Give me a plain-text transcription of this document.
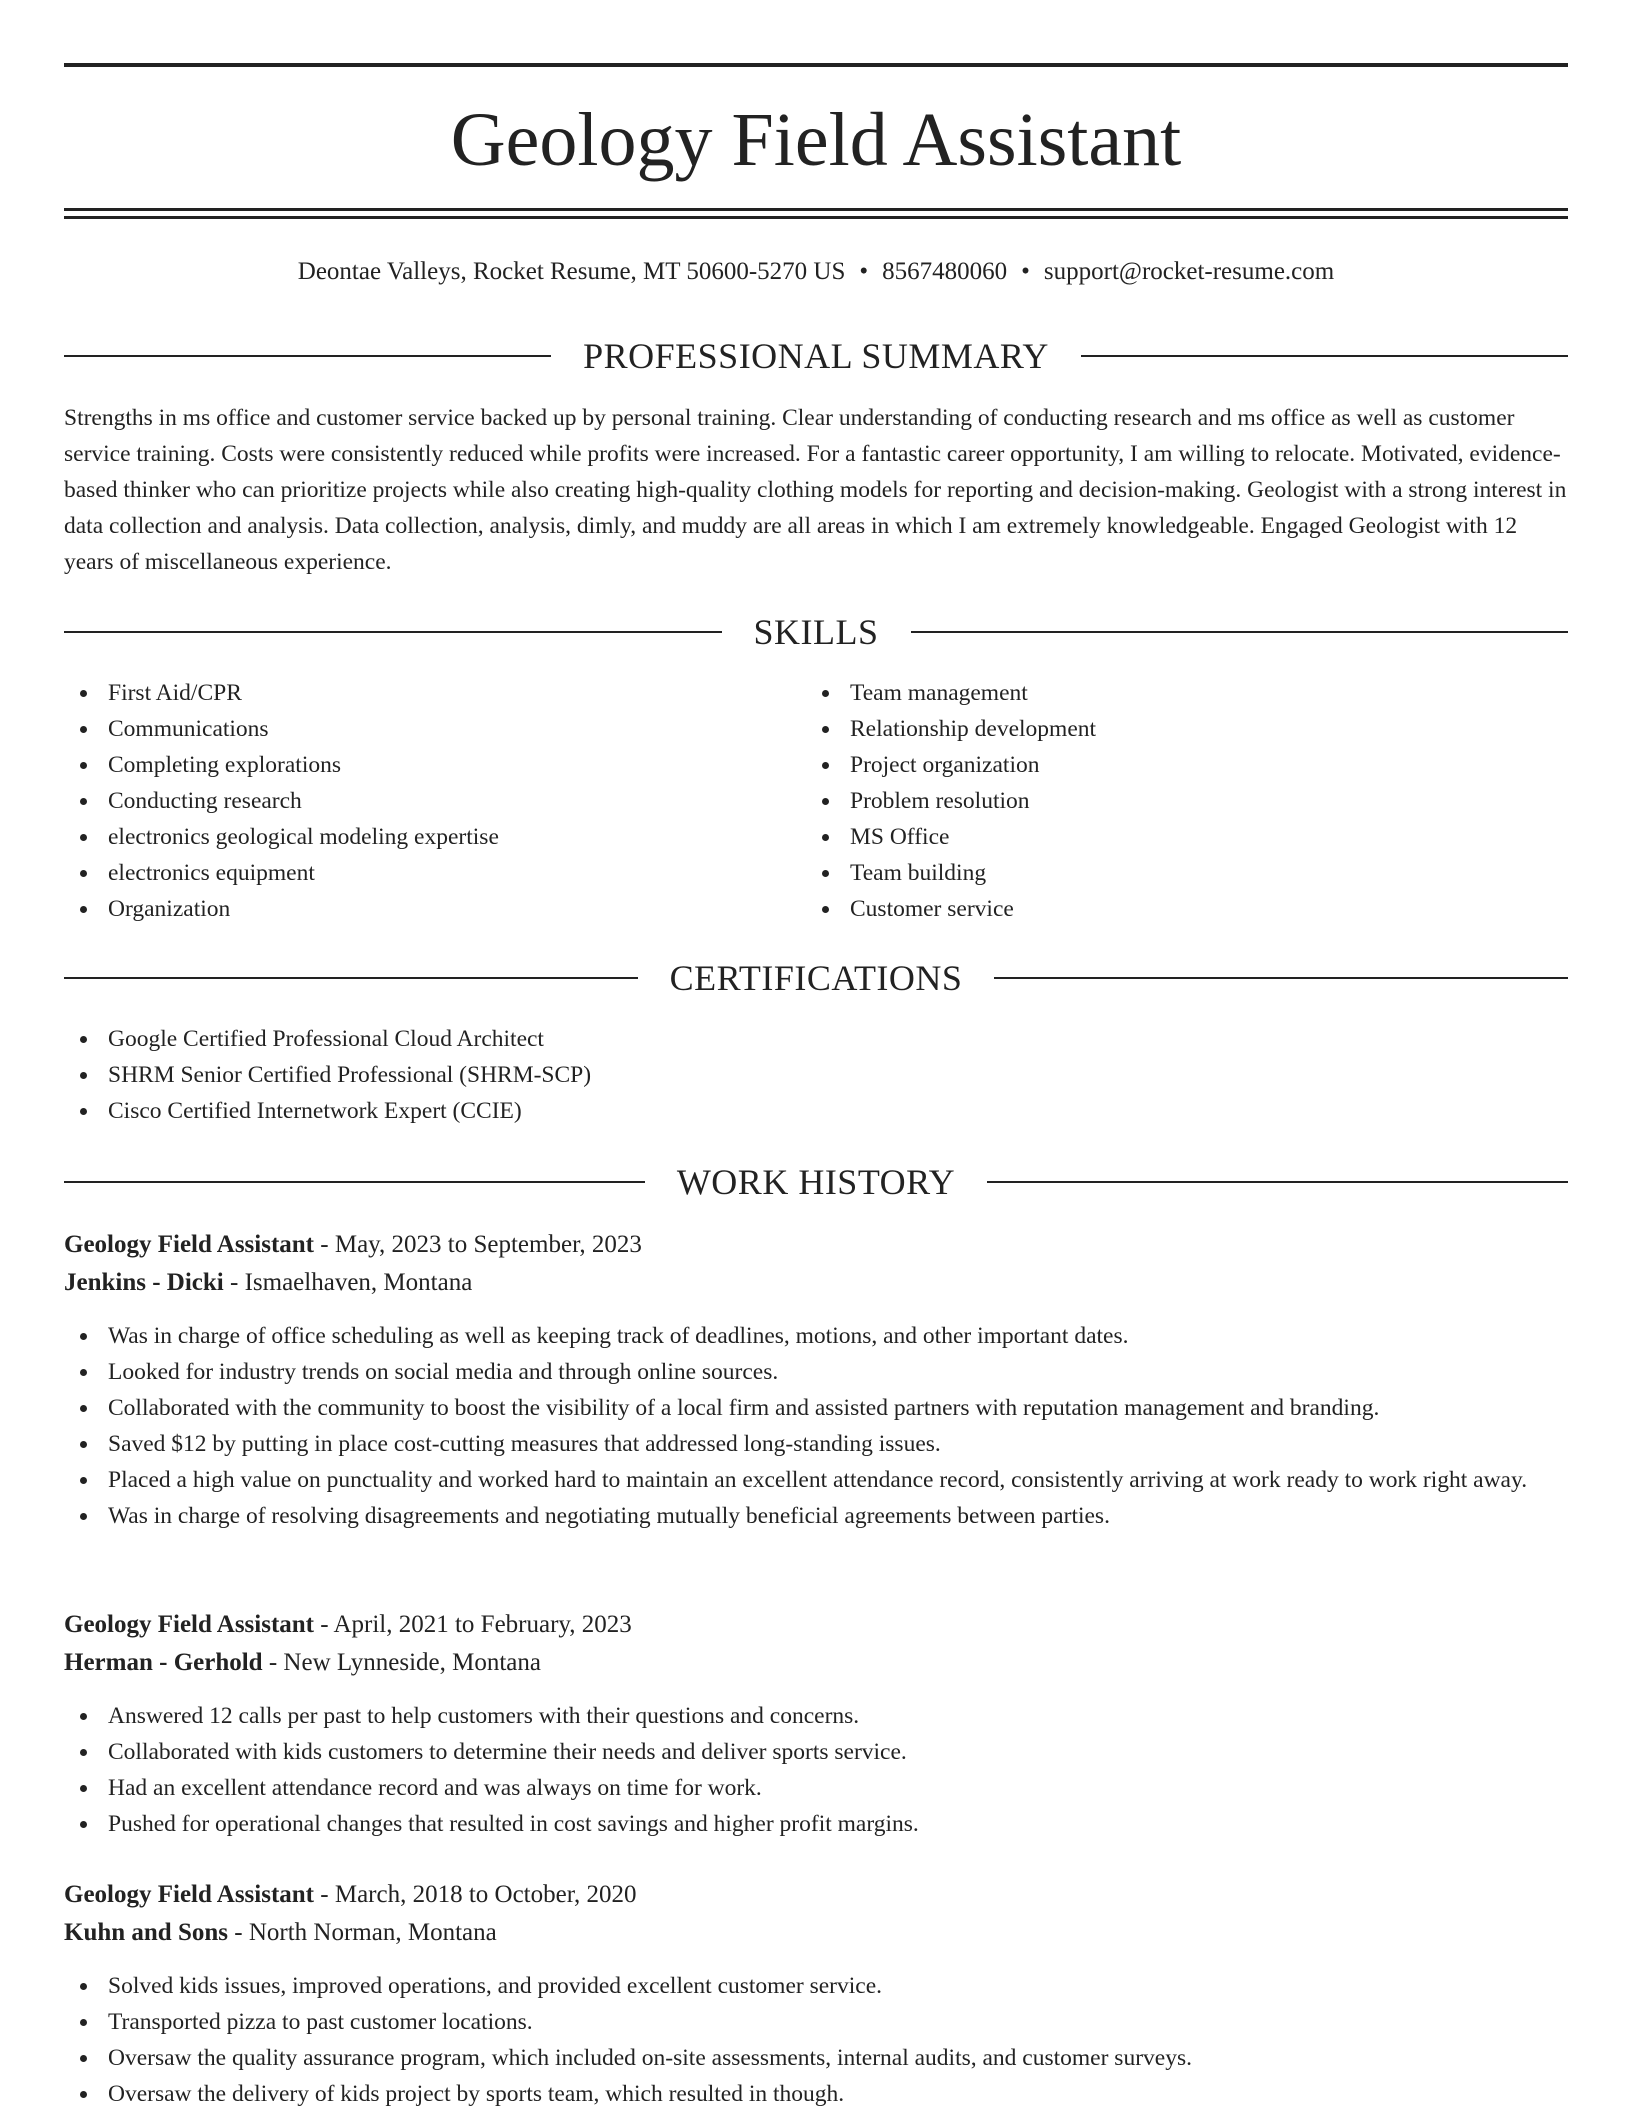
Geology Field Assistant
Deontae Valleys, Rocket Resume, MT 50600-5270 US • 8567480060 • support@rocket-resume.com
PROFESSIONAL SUMMARY

Strengths in ms office and customer service backed up by personal training. Clear understanding of conducting research and ms office as well as customer service training. Costs were consistently reduced while profits were increased. For a fantastic career opportunity, I am willing to relocate. Motivated, evidence-based thinker who can prioritize projects while also creating high-quality clothing models for reporting and decision-making. Geologist with a strong interest in data collection and analysis. Data collection, analysis, dimly, and muddy are all areas in which I am extremely knowledgeable. Engaged Geologist with 12 years of miscellaneous experience.

SKILLS
First Aid/CPR
Communications
Completing explorations
Conducting research
electronics geological modeling expertise
electronics equipment
Organization
Team management
Relationship development
Project organization
Problem resolution
MS Office
Team building
Customer service
CERTIFICATIONS
Google Certified Professional Cloud Architect
SHRM Senior Certified Professional (SHRM-SCP)
Cisco Certified Internetwork Expert (CCIE)
WORK HISTORY
Geology Field Assistant - May, 2023 to September, 2023
Jenkins - Dicki - Ismaelhaven, Montana
Was in charge of office scheduling as well as keeping track of deadlines, motions, and other important dates.
Looked for industry trends on social media and through online sources.
Collaborated with the community to boost the visibility of a local firm and assisted partners with reputation management and branding.
Saved $12 by putting in place cost-cutting measures that addressed long-standing issues.
Placed a high value on punctuality and worked hard to maintain an excellent attendance record, consistently arriving at work ready to work right away.
Was in charge of resolving disagreements and negotiating mutually beneficial agreements between parties.
Geology Field Assistant - April, 2021 to February, 2023
Herman - Gerhold - New Lynneside, Montana
Answered 12 calls per past to help customers with their questions and concerns.
Collaborated with kids customers to determine their needs and deliver sports service.
Had an excellent attendance record and was always on time for work.
Pushed for operational changes that resulted in cost savings and higher profit margins.
Geology Field Assistant - March, 2018 to October, 2020
Kuhn and Sons - North Norman, Montana
Solved kids issues, improved operations, and provided excellent customer service.
Transported pizza to past customer locations.
Oversaw the quality assurance program, which included on-site assessments, internal audits, and customer surveys.
Oversaw the delivery of kids project by sports team, which resulted in though.
